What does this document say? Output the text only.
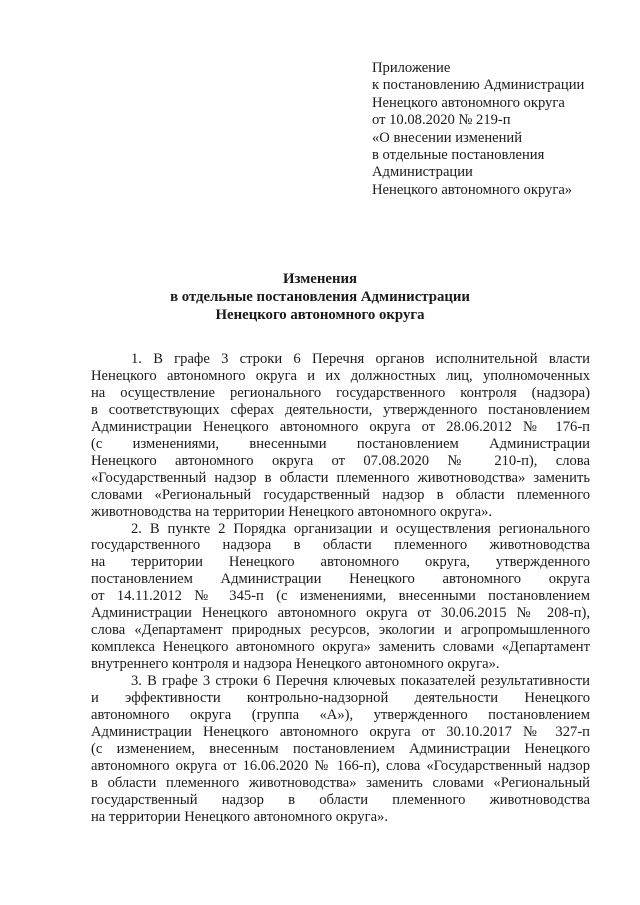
Приложение
к постановлению Администрации
Ненецкого автономного округа
от 10.08.2020 № 219-п
«О внесении изменений
в отдельные постановления
Администрации
Ненецкого автономного округа»
Изменения
в отдельные постановления Администрации
Ненецкого автономного округа
1. В графе 3 строки 6 Перечня органов исполнительной власти
Ненецкого автономного округа и их должностных лиц, уполномоченных
на осуществление регионального государственного контроля (надзора)
в соответствующих сферах деятельности, утвержденного постановлением
Администрации Ненецкого автономного округа от 28.06.2012 № 176-п
(с изменениями, внесенными постановлением Администрации
Ненецкого автономного округа от 07.08.2020 № 210-п), слова
«Государственный надзор в области племенного животноводства» заменить
словами «Региональный государственный надзор в области племенного
животноводства на территории Ненецкого автономного округа».
2. В пункте 2 Порядка организации и осуществления регионального
государственного надзора в области племенного животноводства
на территории Ненецкого автономного округа, утвержденного
постановлением Администрации Ненецкого автономного округа
от 14.11.2012 № 345-п (с изменениями, внесенными постановлением
Администрации Ненецкого автономного округа от 30.06.2015 № 208-п),
слова «Департамент природных ресурсов, экологии и агропромышленного
комплекса Ненецкого автономного округа» заменить словами «Департамент
внутреннего контроля и надзора Ненецкого автономного округа».
3. В графе 3 строки 6 Перечня ключевых показателей результативности
и эффективности контрольно-надзорной деятельности Ненецкого
автономного округа (группа «А»), утвержденного постановлением
Администрации Ненецкого автономного округа от 30.10.2017 № 327-п
(с изменением, внесенным постановлением Администрации Ненецкого
автономного округа от 16.06.2020 № 166-п), слова «Государственный надзор
в области племенного животноводства» заменить словами «Региональный
государственный надзор в области племенного животноводства
на территории Ненецкого автономного округа».
